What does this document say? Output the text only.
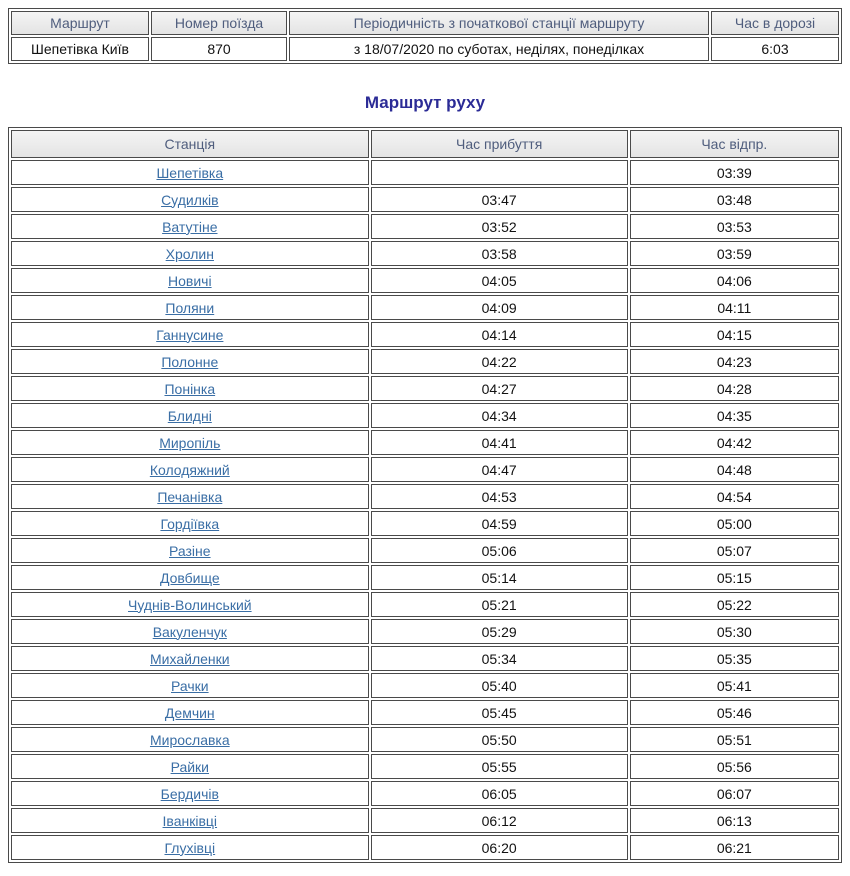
Маршрут	Номер поїзда	Періодичність з початкової станції маршруту	Час в дорозі
Шепетівка Київ	870	з 18/07/2020 по суботах, неділях, понеділках	6:03
Маршрут руху
Станція	Час прибуття	Час відпр.
Шепетівка		03:39
Судилків	03:47	03:48
Ватутіне	03:52	03:53
Хролин	03:58	03:59
Новичі	04:05	04:06
Поляни	04:09	04:11
Ганнусине	04:14	04:15
Полонне	04:22	04:23
Понінка	04:27	04:28
Блидні	04:34	04:35
Миропіль	04:41	04:42
Колодяжний	04:47	04:48
Печанівка	04:53	04:54
Гордіївка	04:59	05:00
Разіне	05:06	05:07
Довбище	05:14	05:15
Чуднів-Волинський	05:21	05:22
Вакуленчук	05:29	05:30
Михайленки	05:34	05:35
Рачки	05:40	05:41
Демчин	05:45	05:46
Мирославка	05:50	05:51
Райки	05:55	05:56
Бердичів	06:05	06:07
Іванківці	06:12	06:13
Глухівці	06:20	06:21
